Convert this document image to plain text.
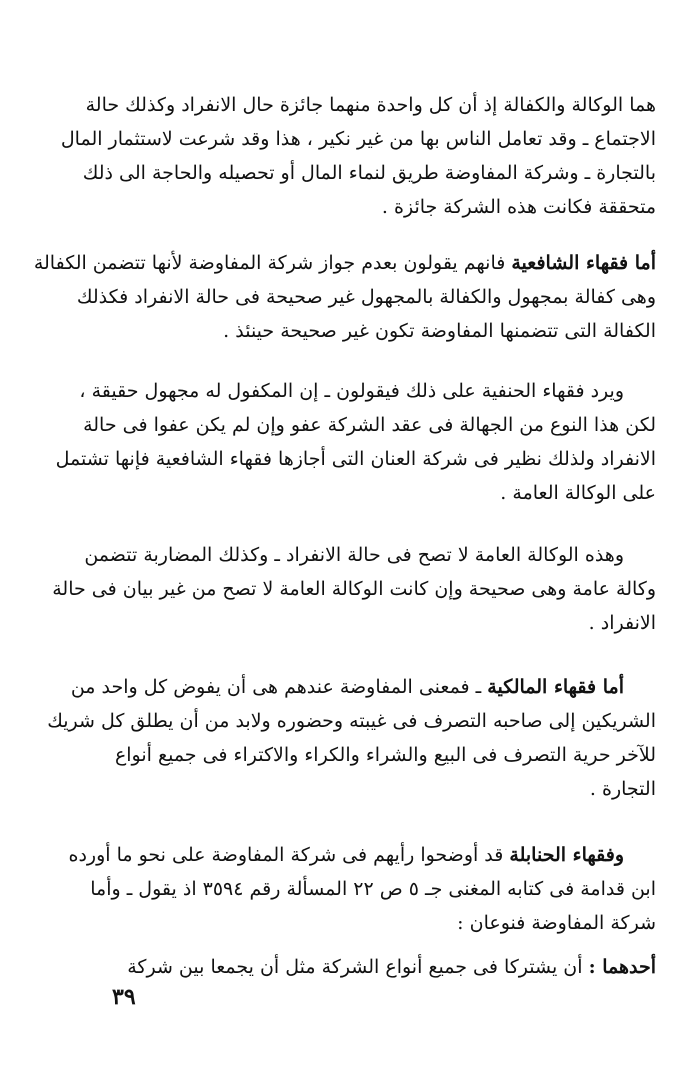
هما الوكالة والكفالة إذ أن كل واحدة منهما جائزة حال الانفراد وكذلك حالة
الاجتماع ـ وقد تعامل الناس بها من غير نكير ، هذا وقد شرعت لاستثمار المال
بالتجارة ـ وشركة المفاوضة طريق لنماء المال أو تحصيله والحاجة الى ذلك
متحققة فكانت هذه الشركة جائزة .

أما فقهاء الشافعية فانهم يقولون بعدم جواز شركة المفاوضة لأنها تتضمن الكفالة
وهى كفالة بمجهول والكفالة بالمجهول غير صحيحة فى حالة الانفراد فكذلك
الكفالة التى تتضمنها المفاوضة تكون غير صحيحة حينئذ .

ويرد فقهاء الحنفية على ذلك فيقولون ـ إن المكفول له مجهول حقيقة ،
لكن هذا النوع من الجهالة فى عقد الشركة عفو وإن لم يكن عفوا فى حالة
الانفراد ولذلك نظير فى شركة العنان التى أجازها فقهاء الشافعية فإنها تشتمل
على الوكالة العامة .

وهذه الوكالة العامة لا تصح فى حالة الانفراد ـ وكذلك المضاربة تتضمن
وكالة عامة وهى صحيحة وإن كانت الوكالة العامة لا تصح من غير بيان فى حالة
الانفراد .

أما فقهاء المالكية ـ فمعنى المفاوضة عندهم هى أن يفوض كل واحد من
الشريكين إلى صاحبه التصرف فى غيبته وحضوره ولابد من أن يطلق كل شريك
للآخر حرية التصرف فى البيع والشراء والكراء والاكتراء فى جميع أنواع
التجارة .

وفقهاء الحنابلة قد أوضحوا رأيهم فى شركة المفاوضة على نحو ما أورده
ابن قدامة فى كتابه المغنى جـ ٥ ص ٢٢ المسألة رقم ٣٥٩٤ اذ يقول ـ وأما
شركة المفاوضة فنوعان :

أحدهما : أن يشتركا فى جميع أنواع الشركة مثل أن يجمعا بين شركة

٣٩
